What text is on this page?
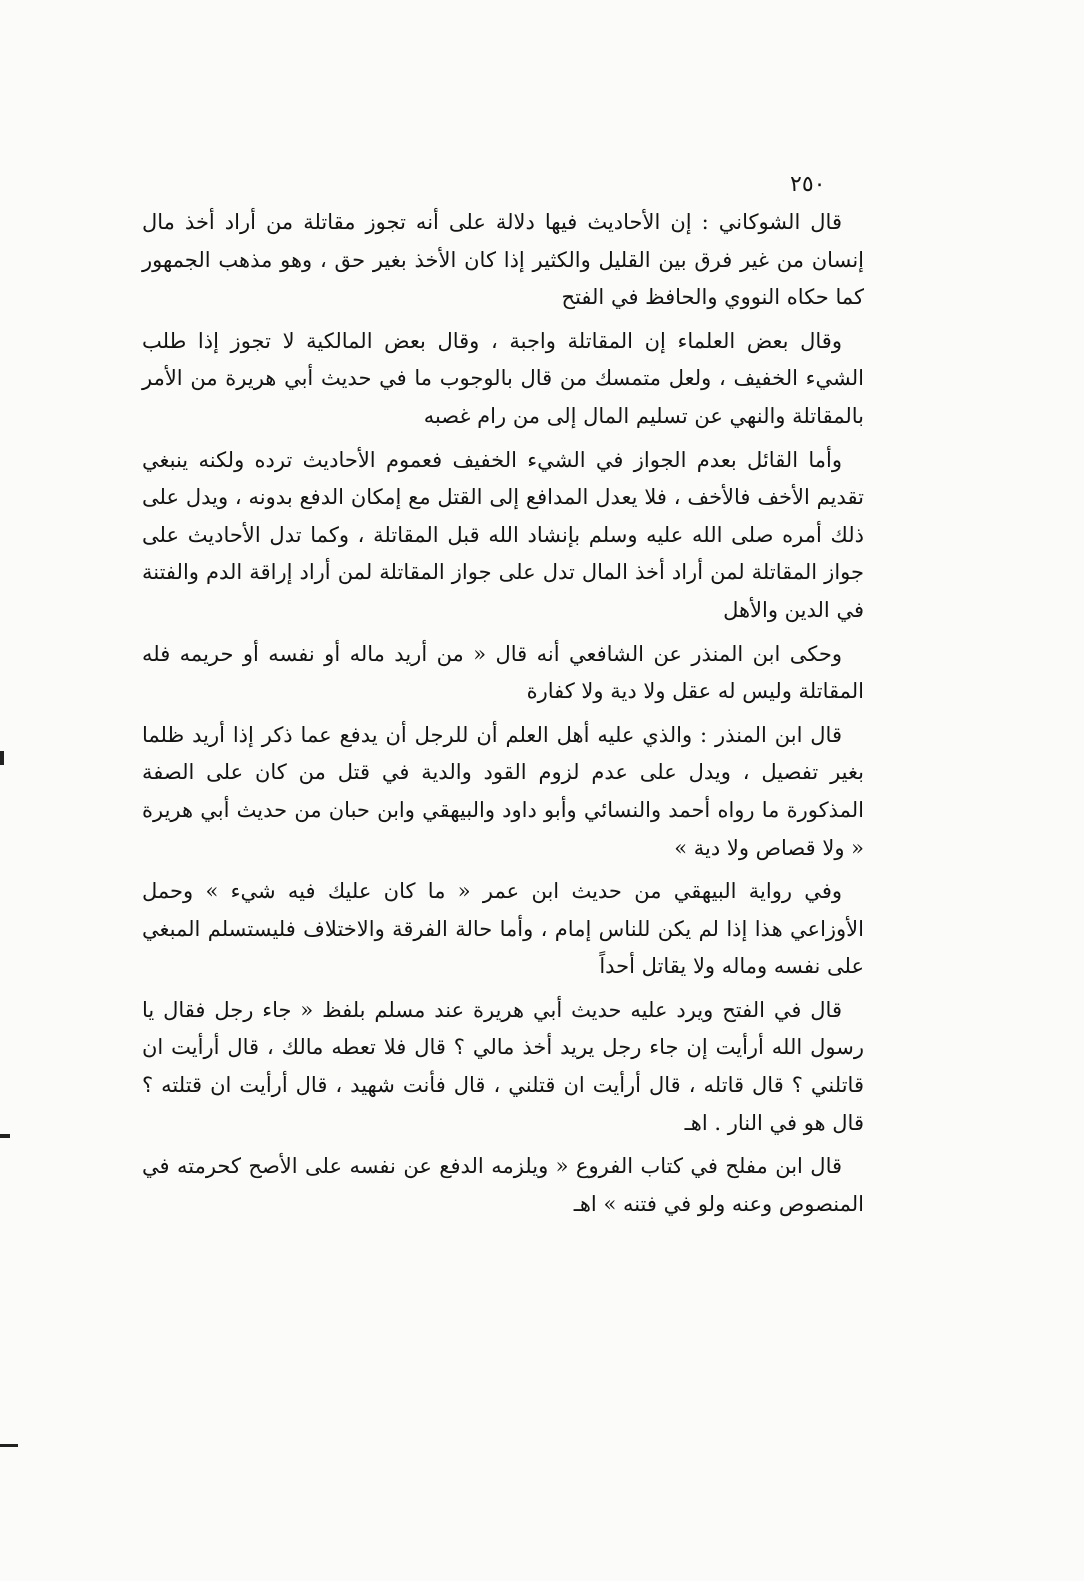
٢٥٠

قال الشوكاني : إن الأحاديث فيها دلالة على أنه تجوز مقاتلة من أراد أخذ مال إنسان من غير فرق بين القليل والكثير إذا كان الأخذ بغير حق ، وهو مذهب الجمهور كما حكاه النووي والحافظ في الفتح

وقال بعض العلماء إن المقاتلة واجبة ، وقال بعض المالكية لا تجوز إذا طلب الشيء الخفيف ، ولعل متمسك من قال بالوجوب ما في حديث أبي هريرة من الأمر بالمقاتلة والنهي عن تسليم المال إلى من رام غصبه

وأما القائل بعدم الجواز في الشيء الخفيف فعموم الأحاديث ترده ولكنه ينبغي تقديم الأخف فالأخف ، فلا يعدل المدافع إلى القتل مع إمكان الدفع بدونه ، ويدل على ذلك أمره صلى الله عليه وسلم بإنشاد الله قبل المقاتلة ، وكما تدل الأحاديث على جواز المقاتلة لمن أراد أخذ المال تدل على جواز المقاتلة لمن أراد إراقة الدم والفتنة في الدين والأهل

وحكى ابن المنذر عن الشافعي أنه قال « من أريد ماله أو نفسه أو حريمه فله المقاتلة وليس له عقل ولا دية ولا كفارة

قال ابن المنذر : والذي عليه أهل العلم أن للرجل أن يدفع عما ذكر إذا أريد ظلما بغير تفصيل ، ويدل على عدم لزوم القود والدية في قتل من كان على الصفة المذكورة ما رواه أحمد والنسائي وأبو داود والبيهقي وابن حبان من حديث أبي هريرة « ولا قصاص ولا دية »

وفي رواية البيهقي من حديث ابن عمر « ما كان عليك فيه شيء » وحمل الأوزاعي هذا إذا لم يكن للناس إمام ، وأما حالة الفرقة والاختلاف فليستسلم المبغي على نفسه وماله ولا يقاتل أحداً

قال في الفتح ويرد عليه حديث أبي هريرة عند مسلم بلفظ « جاء رجل فقال يا رسول الله أرأيت إن جاء رجل يريد أخذ مالي ؟ قال فلا تعطه مالك ، قال أرأيت ان قاتلني ؟ قال قاتله ، قال أرأيت ان قتلني ، قال فأنت شهيد ، قال أرأيت ان قتلته ؟ قال هو في النار . اهـ

قال ابن مفلح في كتاب الفروع « ويلزمه الدفع عن نفسه على الأصح كحرمته في المنصوص وعنه ولو في فتنه » اهـ
